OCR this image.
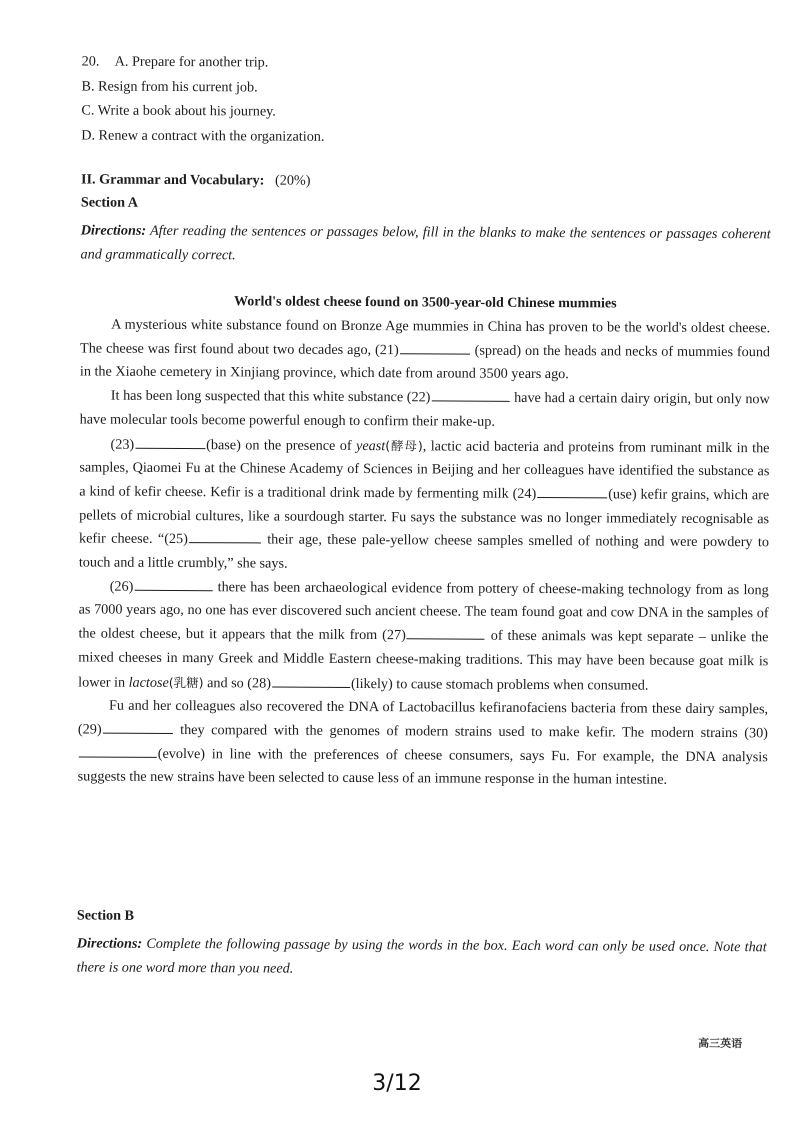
20. A. Prepare for another trip.
B. Resign from his current job.
C. Write a book about his journey.
D. Renew a contract with the organization.
II. Grammar and Vocabulary: (20%)
Section A
Directions: After reading the sentences or passages below, fill in the blanks to make the sentences or passages coherent and grammatically correct.
World's oldest cheese found on 3500-year-old Chinese mummies

A mysterious white substance found on Bronze Age mummies in China has proven to be the world's oldest cheese. The cheese was first found about two decades ago, (21)	(spread) on the heads and necks of mummies found in the Xiaohe cemetery in Xinjiang province, which date from around 3500 years ago.

It has been long suspected that this white substance (22)	have had a certain dairy origin, but only now have molecular tools become powerful enough to confirm their make-up.

(23)	(base) on the presence of yeast(酵母), lactic acid bacteria and proteins from ruminant milk in the samples, Qiaomei Fu at the Chinese Academy of Sciences in Beijing and her colleagues have identified the substance as a kind of kefir cheese. Kefir is a traditional drink made by fermenting milk (24)	(use) kefir grains, which are pellets of microbial cultures, like a sourdough starter. Fu says the substance was no longer immediately recognisable as kefir cheese. “(25)	their age, these pale-yellow cheese samples smelled of nothing and were powdery to touch and a little crumbly,” she says.

(26)	there has been archaeological evidence from pottery of cheese-making technology from as long as 7000 years ago, no one has ever discovered such ancient cheese. The team found goat and cow DNA in the samples of the oldest cheese, but it appears that the milk from (27)	of these animals was kept separate – unlike the mixed cheeses in many Greek and Middle Eastern cheese-making traditions. This may have been because goat milk is lower in lactose(乳糖) and so (28)	(likely) to cause stomach problems when consumed.

Fu and her colleagues also recovered the DNA of Lactobacillus kefiranofaciens bacteria from these dairy samples, (29)	they compared with the genomes of modern strains used to make kefir. The modern strains (30)(evolve) in line with the preferences of cheese consumers, says Fu. For example, the DNA analysis suggests the new strains have been selected to cause less of an immune response in the human intestine.

Section B
Directions: Complete the following passage by using the words in the box. Each word can only be used once. Note that there is one word more than you need.
高三英语
3/12
